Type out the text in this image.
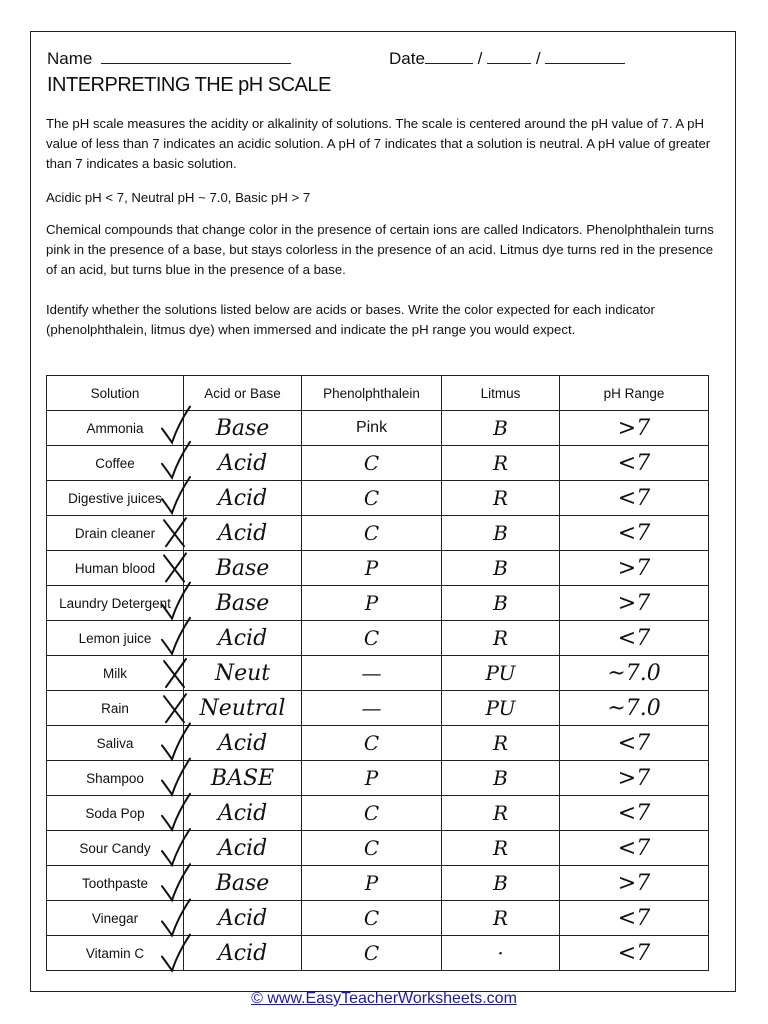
Name	Date	/	/
INTERPRETING THE pH SCALE

The pH scale measures the acidity or alkalinity of solutions. The scale is centered around the pH value of 7. A pH value of less than 7 indicates an acidic solution. A pH of 7 indicates that a solution is neutral. A pH value of greater than 7 indicates a basic solution.

Acidic pH < 7, Neutral pH ~ 7.0, Basic pH > 7

Chemical compounds that change color in the presence of certain ions are called Indicators. Phenolphthalein turns pink in the presence of a base, but stays colorless in the presence of an acid. Litmus dye turns red in the presence of an acid, but turns blue in the presence of a base.

Identify whether the solutions listed below are acids or bases. Write the color expected for each indicator (phenolphthalein, litmus dye) when immersed and indicate the pH range you would expect.

Solution	Acid or Base	Phenolphthalein	Litmus	pH Range
Ammonia	Base	Pink	B	>7
Coffee	Acid	C	R	<7
Digestive juices	Acid	C	R	<7
Drain cleaner	Acid	C	B	<7
Human blood	Base	P	B	>7
Laundry Detergent	Base	P	B	>7
Lemon juice	Acid	C	R	<7
Milk	Neut	—	PU	~7.0
Rain	Neutral	—	PU	~7.0
Saliva	Acid	C	R	<7
Shampoo	BASE	P	B	>7
Soda Pop	Acid	C	R	<7
Sour Candy	Acid	C	R	<7
Toothpaste	Base	P	B	>7
Vinegar	Acid	C	R	<7
Vitamin C	Acid	C	·	<7
© www.EasyTeacherWorksheets.com
